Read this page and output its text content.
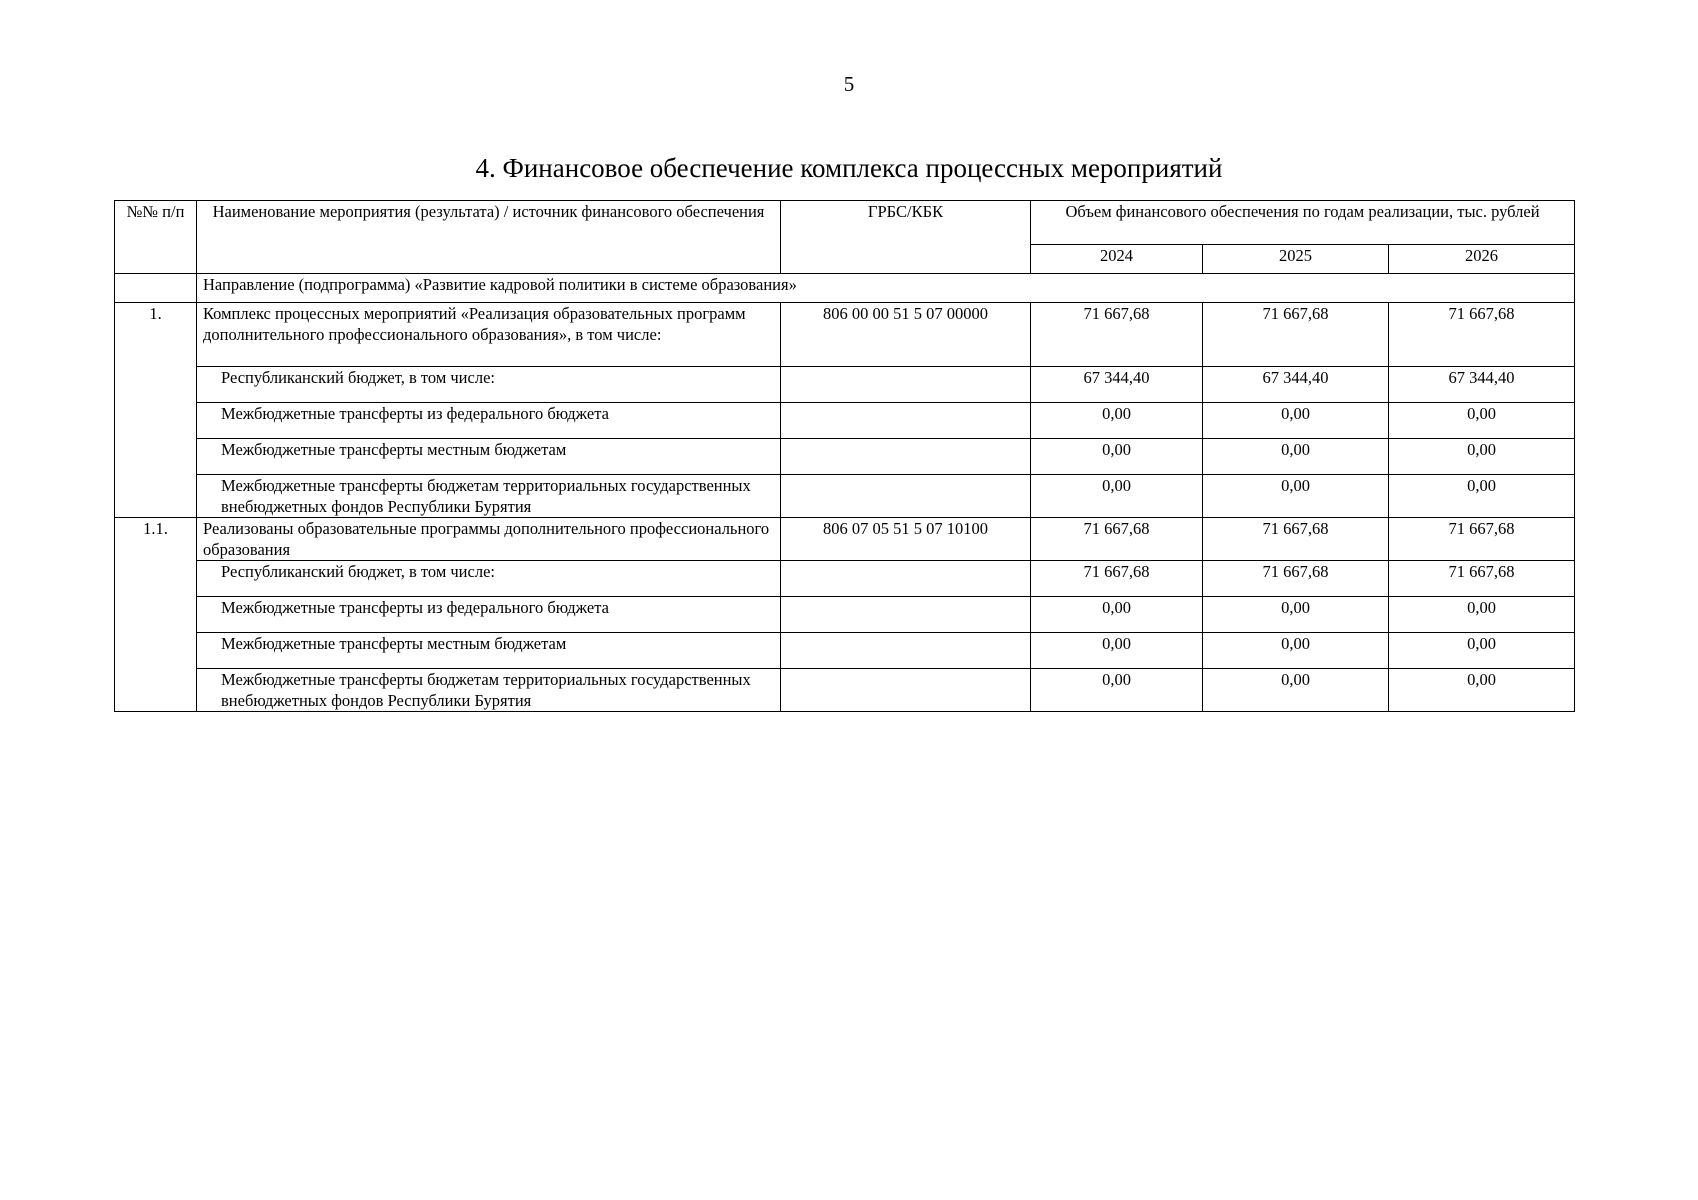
5
4. Финансовое обеспечение комплекса процессных мероприятий
№№ п/п	Наименование мероприятия (результата) / источник финансового обеспечения	ГРБС/КБК	Объем финансового обеспечения по годам реализации, тыс. рублей		
			2024	2025	2026
	Направление (подпрограмма) «Развитие кадровой политики в системе образования»				
1.	Комплекс процессных мероприятий «Реализация образовательных программ дополнительного профессионального образования», в том числе:	806 00 00 51 5 07 00000	71 667,68	71 667,68	71 667,68
	Республиканский бюджет, в том числе:		67 344,40	67 344,40	67 344,40
	Межбюджетные трансферты из федерального бюджета		0,00	0,00	0,00
	Межбюджетные трансферты местным бюджетам		0,00	0,00	0,00
	Межбюджетные трансферты бюджетам территориальных государственных внебюджетных фондов Республики Бурятия		0,00	0,00	0,00
1.1.	Реализованы образовательные программы дополнительного профессионального образования	806 07 05 51 5 07 10100	71 667,68	71 667,68	71 667,68
	Республиканский бюджет, в том числе:		71 667,68	71 667,68	71 667,68
	Межбюджетные трансферты из федерального бюджета		0,00	0,00	0,00
	Межбюджетные трансферты местным бюджетам		0,00	0,00	0,00
	Межбюджетные трансферты бюджетам территориальных государственных внебюджетных фондов Республики Бурятия		0,00	0,00	0,00
